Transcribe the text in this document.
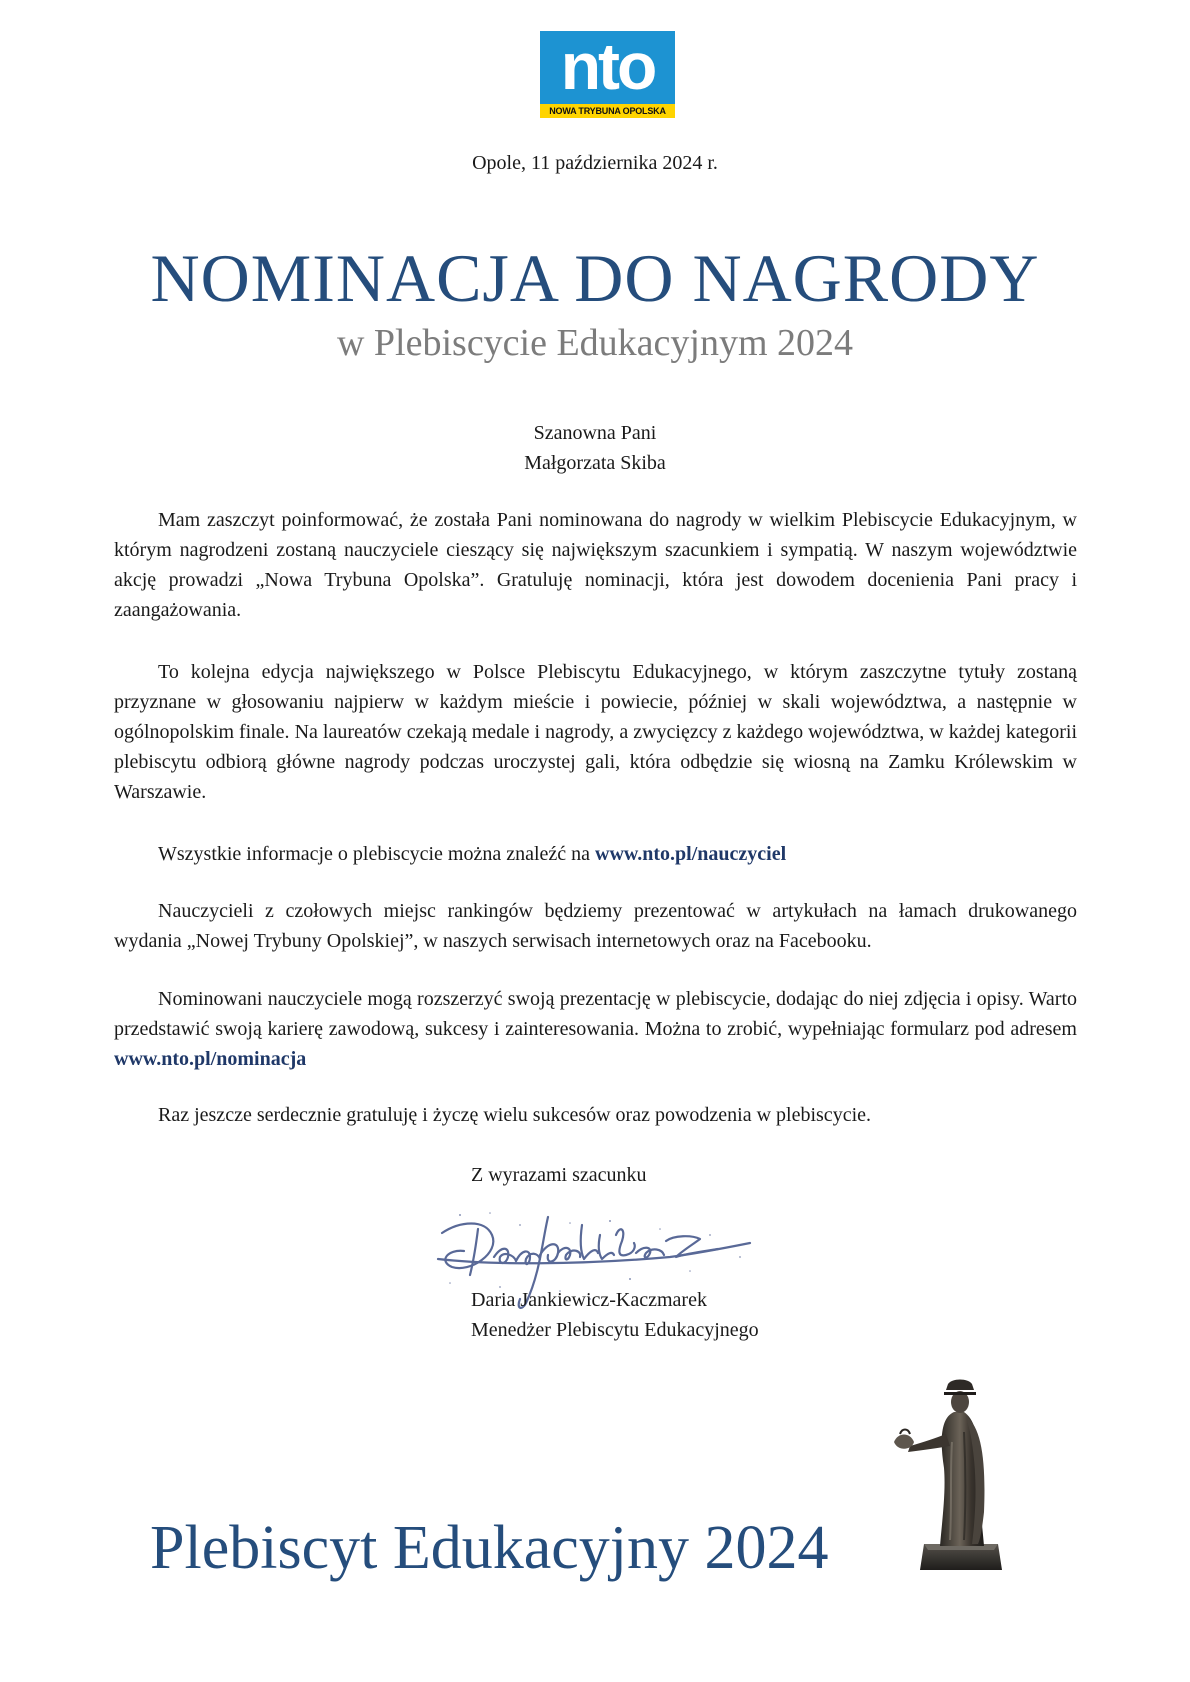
nto
NOWA TRYBUNA OPOLSKA
Opole, 11 października 2024 r.
NOMINACJA DO NAGRODY
w Plebiscycie Edukacyjnym 2024
Szanowna Pani
Małgorzata Skiba

Mam zaszczyt poinformować, że została Pani nominowana do nagrody w wielkim Plebiscycie Edukacyjnym, w którym nagrodzeni zostaną nauczyciele cieszący się największym szacunkiem i sympatią. W naszym województwie akcję prowadzi „Nowa Trybuna Opolska”. Gratuluję nominacji, która jest dowodem docenienia Pani pracy i zaangażowania.

To kolejna edycja największego w Polsce Plebiscytu Edukacyjnego, w którym zaszczytne tytuły zostaną przyznane w głosowaniu najpierw w każdym mieście i powiecie, później w skali województwa, a następnie w ogólnopolskim finale. Na laureatów czekają medale i nagrody, a zwycięzcy z każdego województwa, w każdej kategorii plebiscytu odbiorą główne nagrody podczas uroczystej gali, która odbędzie się wiosną na Zamku Królewskim w Warszawie.

Wszystkie informacje o plebiscycie można znaleźć na www.nto.pl/nauczyciel

Nauczycieli z czołowych miejsc rankingów będziemy prezentować w artykułach na łamach drukowanego wydania „Nowej Trybuny Opolskiej”, w naszych serwisach internetowych oraz na Facebooku.

Nominowani nauczyciele mogą rozszerzyć swoją prezentację w plebiscycie, dodając do niej zdjęcia i opisy. Warto przedstawić swoją karierę zawodową, sukcesy i zainteresowania. Można to zrobić, wypełniając formularz pod adresem www.nto.pl/nominacja

Raz jeszcze serdecznie gratuluję i życzę wielu sukcesów oraz powodzenia w plebiscycie.

Z wyrazami szacunku
Daria Jankiewicz-Kaczmarek
Menedżer Plebiscytu Edukacyjnego
Plebiscyt Edukacyjny 2024
